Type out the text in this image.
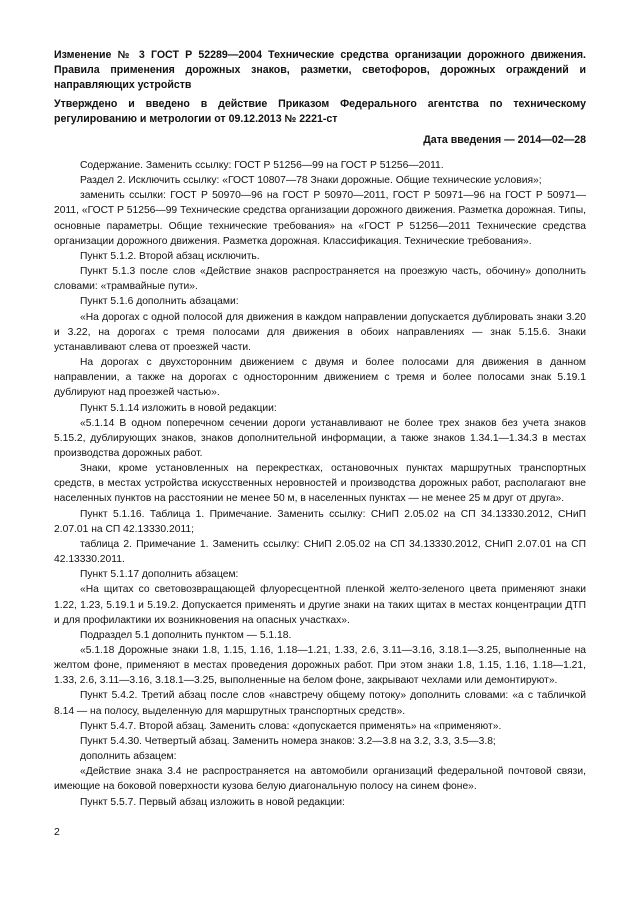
Изменение № 3 ГОСТ Р 52289—2004 Технические средства организации дорожного движения. Правила применения дорожных знаков, разметки, светофоров, дорожных ограждений и направляющих устройств

Утверждено и введено в действие Приказом Федерального агентства по техническому регулированию и метрологии от 09.12.2013 № 2221-ст

Дата введения — 2014—02—28

Содержание. Заменить ссылку: ГОСТ Р 51256—99 на ГОСТ Р 51256—2011.

Раздел 2. Исключить ссылку: «ГОСТ 10807—78 Знаки дорожные. Общие технические условия»;

заменить ссылки: ГОСТ Р 50970—96 на ГОСТ Р 50970—2011, ГОСТ Р 50971—96 на ГОСТ Р 50971—2011, «ГОСТ Р 51256—99 Технические средства организации дорожного движения. Разметка дорожная. Типы, основные параметры. Общие технические требования» на «ГОСТ Р 51256—2011 Технические средства организации дорожного движения. Разметка дорожная. Классификация. Технические требования».

Пункт 5.1.2. Второй абзац исключить.

Пункт 5.1.3 после слов «Действие знаков распространяется на проезжую часть, обочину» дополнить словами: «трамвайные пути».

Пункт 5.1.6 дополнить абзацами:

«На дорогах с одной полосой для движения в каждом направлении допускается дублировать знаки 3.20 и 3.22, на дорогах с тремя полосами для движения в обоих направлениях — знак 5.15.6. Знаки устанавливают слева от проезжей части.

На дорогах с двухсторонним движением с двумя и более полосами для движения в данном направлении, а также на дорогах с односторонним движением с тремя и более полосами знак 5.19.1 дублируют над проезжей частью».

Пункт 5.1.14 изложить в новой редакции:

«5.1.14 В одном поперечном сечении дороги устанавливают не более трех знаков без учета знаков 5.15.2, дублирующих знаков, знаков дополнительной информации, а также знаков 1.34.1—1.34.3 в местах производства дорожных работ.

Знаки, кроме установленных на перекрестках, остановочных пунктах маршрутных транспортных средств, в местах устройства искусственных неровностей и производства дорожных работ, располагают вне населенных пунктов на расстоянии не менее 50 м, в населенных пунктах — не менее 25 м друг от друга».

Пункт 5.1.16. Таблица 1. Примечание. Заменить ссылку: СНиП 2.05.02 на СП 34.13330.2012, СНиП 2.07.01 на СП 42.13330.2011;

таблица 2. Примечание 1. Заменить ссылку: СНиП 2.05.02 на СП 34.13330.2012, СНиП 2.07.01 на СП 42.13330.2011.

Пункт 5.1.17 дополнить абзацем:

«На щитах со световозвращающей флуоресцентной пленкой желто-зеленого цвета применяют знаки 1.22, 1.23, 5.19.1 и 5.19.2. Допускается применять и другие знаки на таких щитах в местах концентрации ДТП и для профилактики их возникновения на опасных участках».

Подраздел 5.1 дополнить пунктом — 5.1.18.

«5.1.18 Дорожные знаки 1.8, 1.15, 1.16, 1.18—1.21, 1.33, 2.6, 3.11—3.16, 3.18.1—3.25, выполненные на желтом фоне, применяют в местах проведения дорожных работ. При этом знаки 1.8, 1.15, 1.16, 1.18—1.21, 1.33, 2.6, 3.11—3.16, 3.18.1—3.25, выполненные на белом фоне, закрывают чехлами или демонтируют».

Пункт 5.4.2. Третий абзац после слов «навстречу общему потоку» дополнить словами: «а с табличкой 8.14 — на полосу, выделенную для маршрутных транспортных средств».

Пункт 5.4.7. Второй абзац. Заменить слова: «допускается применять» на «применяют».

Пункт 5.4.30. Четвертый абзац. Заменить номера знаков: 3.2—3.8 на 3.2, 3.3, 3.5—3.8;

дополнить абзацем:

«Действие знака 3.4 не распространяется на автомобили организаций федеральной почтовой связи, имеющие на боковой поверхности кузова белую диагональную полосу на синем фоне».

Пункт 5.5.7. Первый абзац изложить в новой редакции:

2
